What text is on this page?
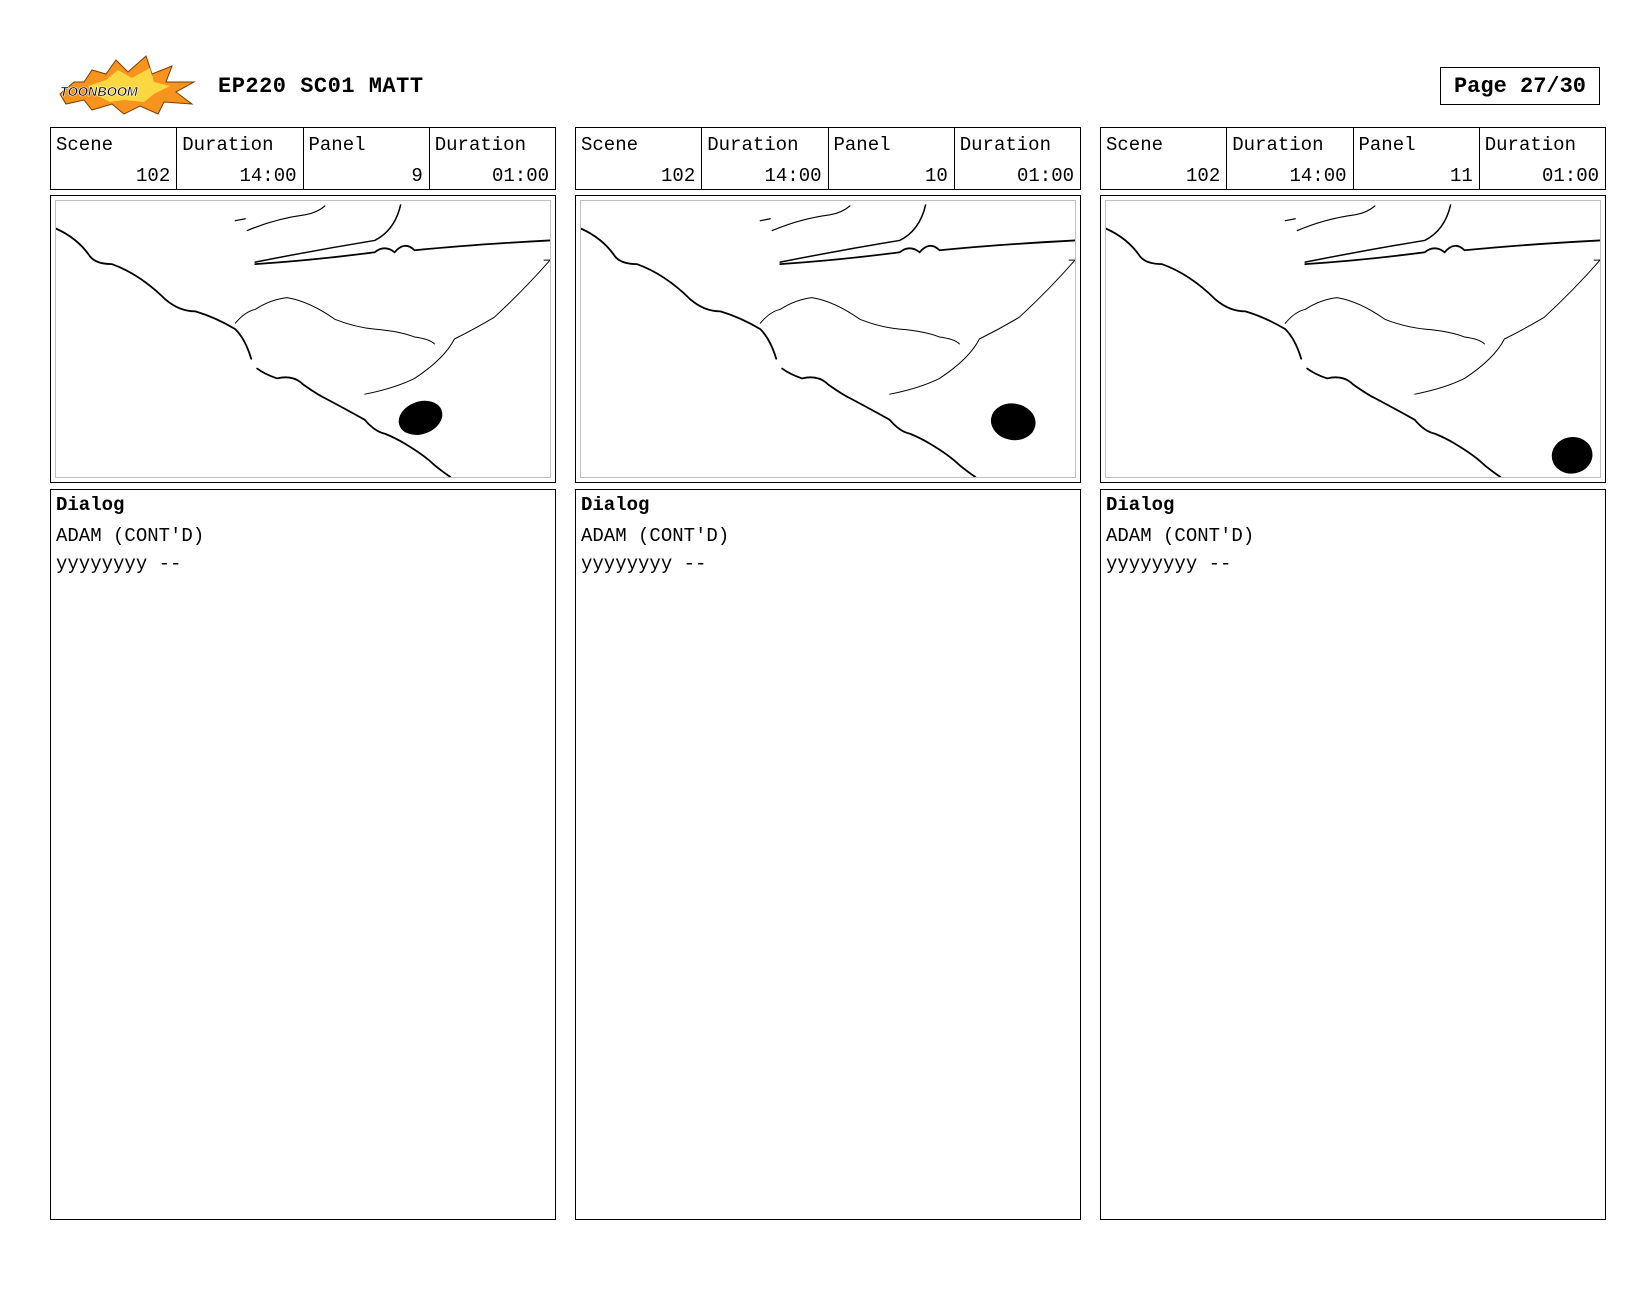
TOONBOOM	EP220 SC01 MATT	Page 27/30
Scene
102
Duration
14:00
Panel
9
Duration
01:00
Dialog
ADAM (CONT'D)
yyyyyyyy --
Scene
102
Duration
14:00
Panel
10
Duration
01:00
Dialog
ADAM (CONT'D)
yyyyyyyy --
Scene
102
Duration
14:00
Panel
11
Duration
01:00
Dialog
ADAM (CONT'D)
yyyyyyyy --
